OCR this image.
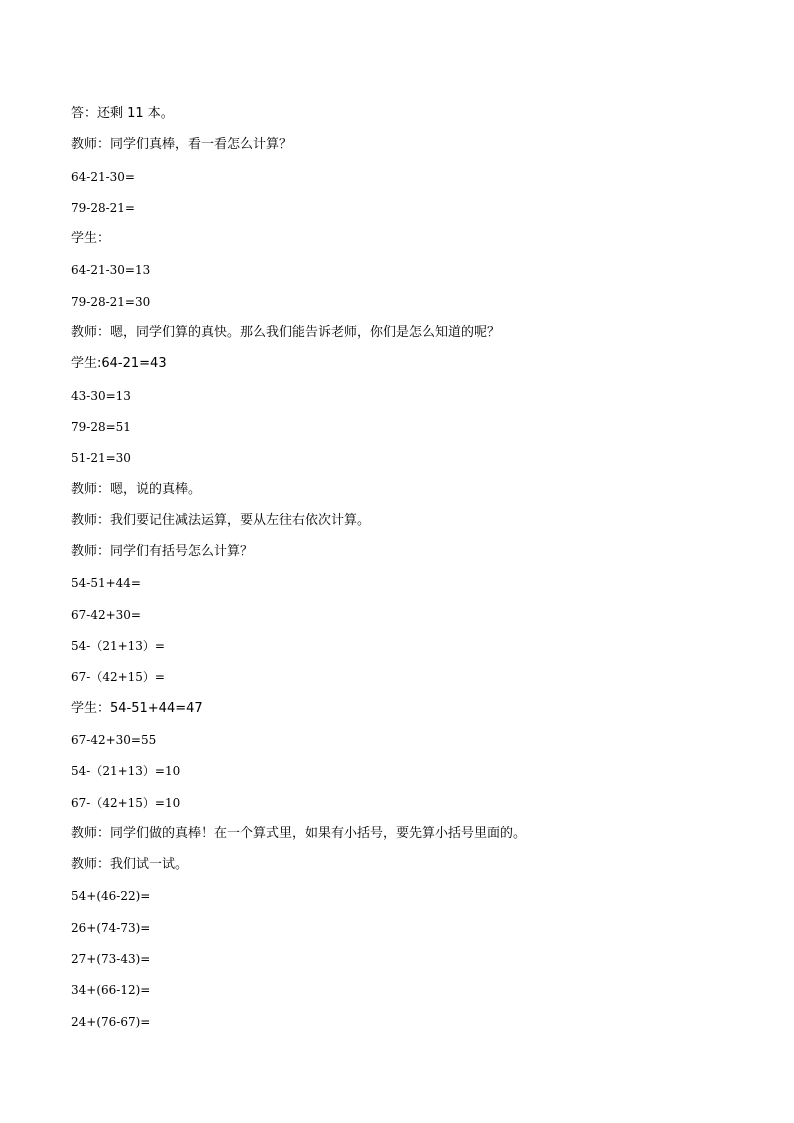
答：还剩 11 本。
教师：同学们真棒，看一看怎么计算？
64-21-30=
79-28-21=
学生：
64-21-30=13
79-28-21=30
教师：嗯，同学们算的真快。那么我们能告诉老师，你们是怎么知道的呢？
学生:64-21=43
43-30=13
79-28=51
51-21=30
教师：嗯，说的真棒。
教师：我们要记住减法运算，要从左往右依次计算。
教师：同学们有括号怎么计算？
54-51+44=
67-42+30=
54-（21+13）=
67-（42+15）=
学生：54-51+44=47
67-42+30=55
54-（21+13）=10
67-（42+15）=10
教师：同学们做的真棒！在一个算式里，如果有小括号，要先算小括号里面的。
教师：我们试一试。
54+(46-22)=
26+(74-73)=
27+(73-43)=
34+(66-12)=
24+(76-67)=
